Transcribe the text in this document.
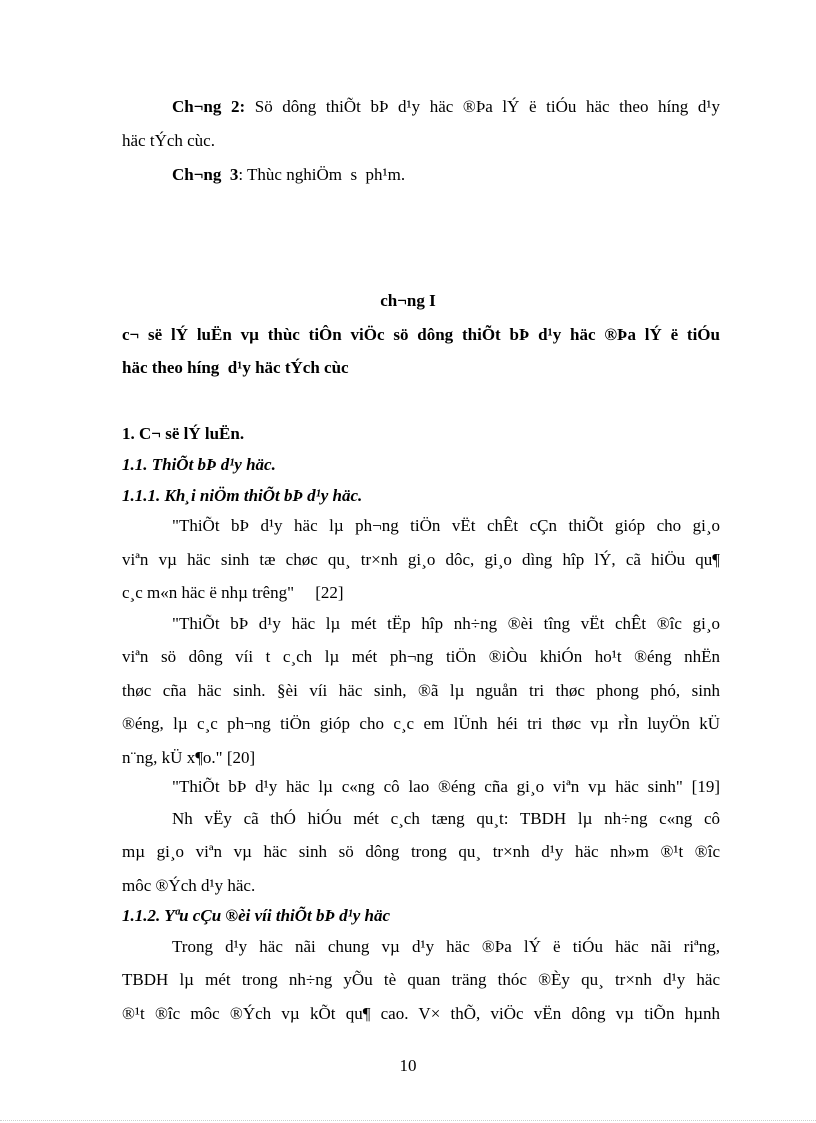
Ch¬ng 2: Sö dông thiÕt bÞ d¹y häc ®Þa lÝ ë tiÓu häc theo híng d¹y
häc tÝch cùc.
Ch¬ng  3: Thùc nghiÖm  s  ph¹m.
ch¬ng I
c¬ së lÝ luËn vµ thùc tiÔn viÖc sö dông thiÕt bÞ d¹y häc ®Þa lÝ ë tiÓu
häc theo híng  d¹y häc tÝch cùc
1. C¬ së lÝ luËn.
1.1. ThiÕt bÞ d¹y häc.
1.1.1. Kh¸i niÖm thiÕt bÞ d¹y häc.
"ThiÕt bÞ d¹y häc lµ ph¬ng tiÖn vËt chÊt cÇn thiÕt gióp cho gi¸o
viªn vµ häc sinh tæ chøc qu¸ tr×nh gi¸o dôc, gi¸o dìng hîp lÝ, cã hiÖu qu¶
c¸c m«n häc ë nhµ trêng"     [22]
"ThiÕt bÞ d¹y häc lµ mét tËp hîp nh÷ng ®èi tîng vËt chÊt ®îc gi¸o
viªn sö dông víi t c¸ch lµ mét ph¬ng tiÖn ®iÒu khiÓn ho¹t ®éng nhËn
thøc cña häc sinh. §èi víi häc sinh, ®ã lµ nguån tri thøc phong phó, sinh
®éng, lµ c¸c ph¬ng tiÖn gióp cho c¸c em lÜnh héi tri thøc vµ rÌn luyÖn kÜ
n¨ng, kÜ x¶o." [20]
"ThiÕt bÞ d¹y häc lµ c«ng cô lao ®éng cña gi¸o viªn vµ häc sinh" [19]
Nh vËy cã thÓ hiÓu mét c¸ch tæng qu¸t: TBDH lµ nh÷ng c«ng cô
mµ gi¸o viªn vµ häc sinh sö dông trong qu¸ tr×nh d¹y häc nh»m ®¹t ®îc
môc ®Ých d¹y häc.
1.1.2. Yªu cÇu ®èi víi thiÕt bÞ d¹y häc
Trong d¹y häc nãi chung vµ d¹y häc ®Þa lÝ ë tiÓu häc nãi riªng,
TBDH lµ mét trong nh÷ng yÕu tè quan träng thóc ®Èy qu¸ tr×nh d¹y häc
®¹t ®îc môc ®Ých vµ kÕt qu¶ cao. V× thÕ, viÖc vËn dông vµ tiÕn hµnh
10
